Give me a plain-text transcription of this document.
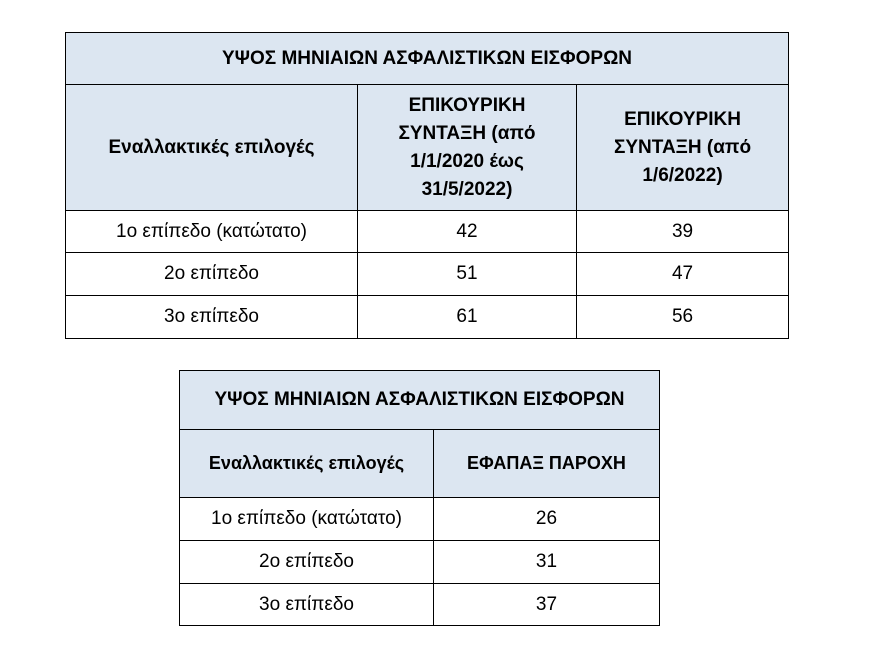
ΥΨΟΣ ΜΗΝΙΑΙΩΝ ΑΣΦΑΛΙΣΤΙΚΩΝ ΕΙΣΦΟΡΩΝ		
Εναλλακτικές επιλογές	ΕΠΙΚΟΥΡΙΚΗ ΣΥΝΤΑΞΗ (από 1/1/2020 έως 31/5/2022)	ΕΠΙΚΟΥΡΙΚΗ ΣΥΝΤΑΞΗ (από 1/6/2022)
1ο επίπεδο (κατώτατο)	42	39
2ο επίπεδο	51	47
3ο επίπεδο	61	56
ΥΨΟΣ ΜΗΝΙΑΙΩΝ ΑΣΦΑΛΙΣΤΙΚΩΝ ΕΙΣΦΟΡΩΝ	
Εναλλακτικές επιλογές	ΕΦΑΠΑΞ ΠΑΡΟΧΗ
1ο επίπεδο (κατώτατο)	26
2ο επίπεδο	31
3ο επίπεδο	37
